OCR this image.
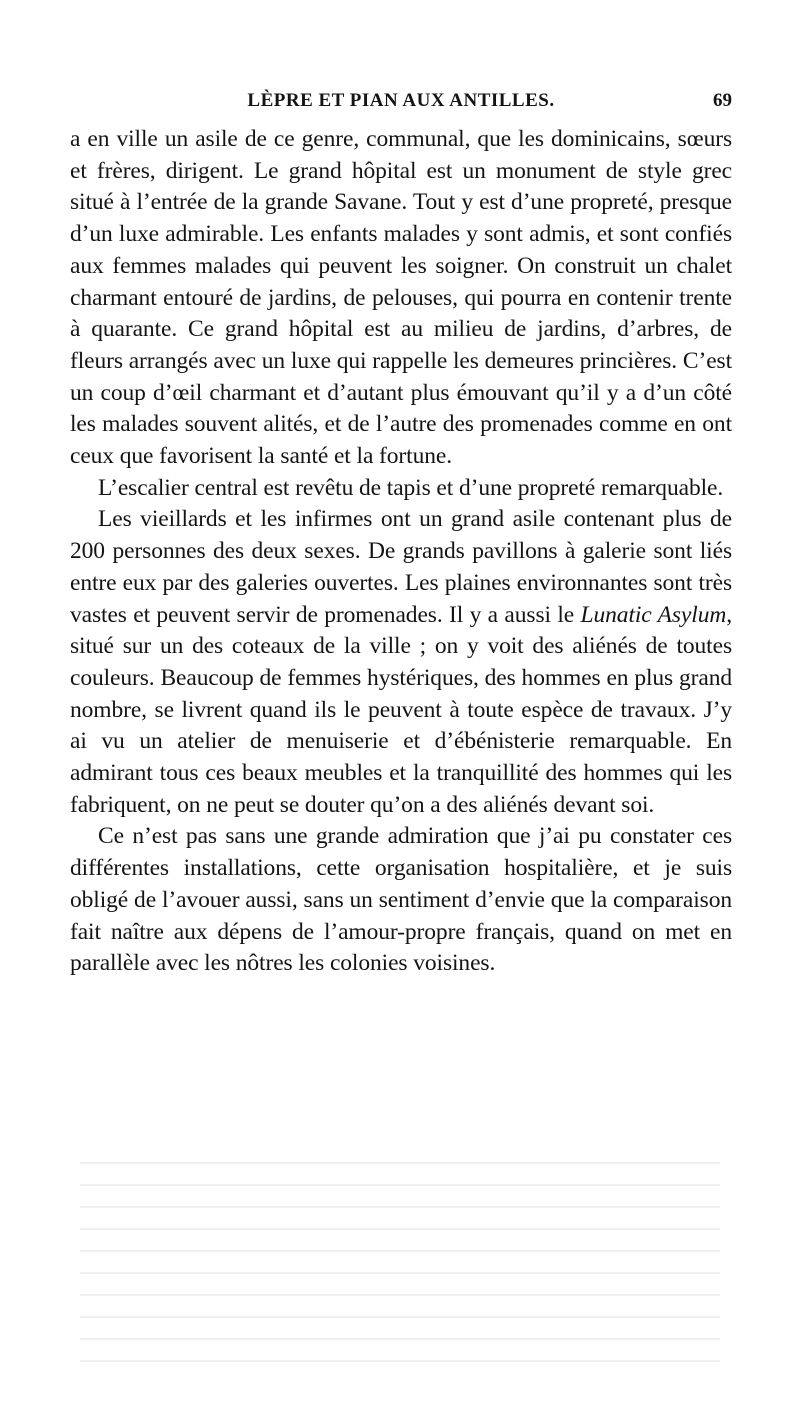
LÈPRE ET PIAN AUX ANTILLES.	69

a en ville un asile de ce genre, communal, que les dominicains, sœurs et frères, dirigent. Le grand hôpital est un monument de style grec situé à l’entrée de la grande Savane. Tout y est d’une propreté, presque d’un luxe admirable. Les enfants malades y sont admis, et sont confiés aux femmes malades qui peuvent les soigner. On construit un chalet charmant entouré de jardins, de pelouses, qui pourra en contenir trente à quarante. Ce grand hôpital est au milieu de jardins, d’arbres, de fleurs arrangés avec un luxe qui rappelle les demeures princières. C’est un coup d’œil charmant et d’autant plus émouvant qu’il y a d’un côté les malades souvent alités, et de l’autre des promenades comme en ont ceux que favorisent la santé et la fortune.

L’escalier central est revêtu de tapis et d’une propreté remarquable.

Les vieillards et les infirmes ont un grand asile contenant plus de 200 personnes des deux sexes. De grands pavillons à galerie sont liés entre eux par des galeries ouvertes. Les plaines environnantes sont très vastes et peuvent servir de promenades. Il y a aussi le Lunatic Asylum, situé sur un des coteaux de la ville ; on y voit des aliénés de toutes couleurs. Beaucoup de femmes hystériques, des hommes en plus grand nombre, se livrent quand ils le peuvent à toute espèce de travaux. J’y ai vu un atelier de menuiserie et d’ébénisterie remarquable. En admirant tous ces beaux meubles et la tranquillité des hommes qui les fabriquent, on ne peut se douter qu’on a des aliénés devant soi.

Ce n’est pas sans une grande admiration que j’ai pu constater ces différentes installations, cette organisation hospitalière, et je suis obligé de l’avouer aussi, sans un sentiment d’envie que la comparaison fait naître aux dépens de l’amour-propre français, quand on met en parallèle avec les nôtres les colonies voisines.
